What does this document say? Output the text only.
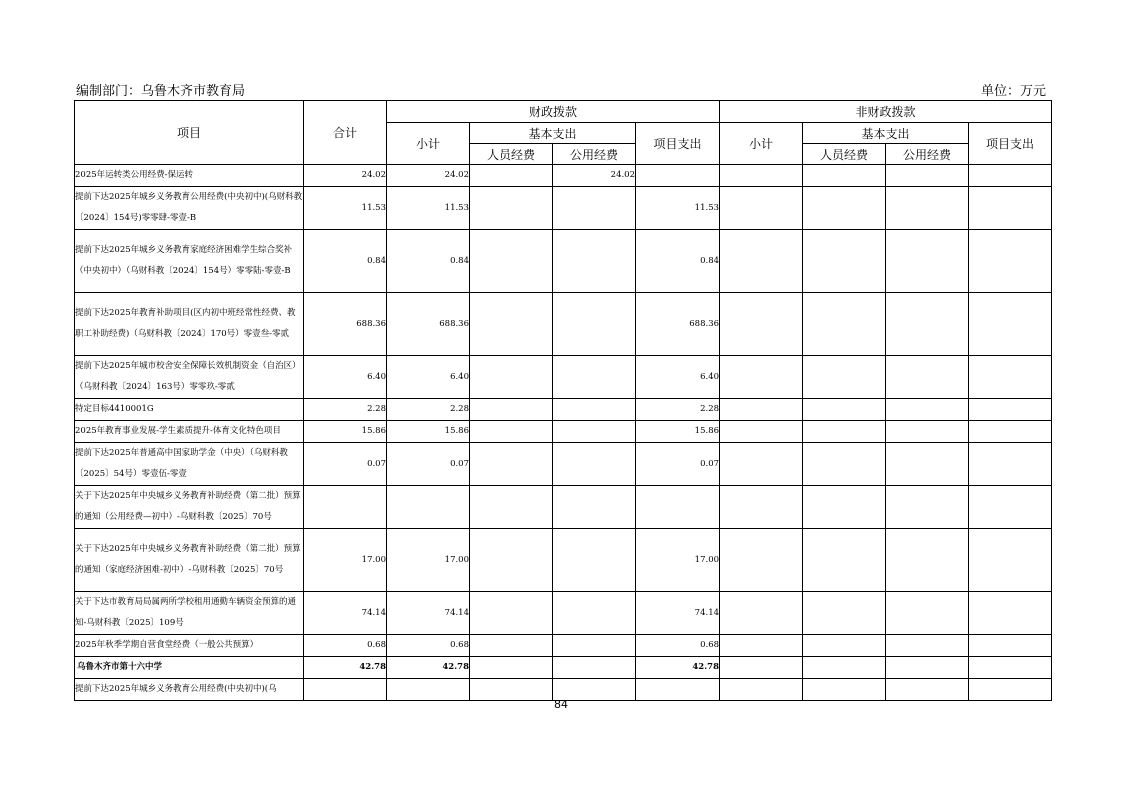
编制部门：乌鲁木齐市教育局	单位：万元
项目	合计	财政拨款				非财政拨款			
		小计	基本支出		项目支出	小计	基本支出		项目支出
			人员经费	公用经费			人员经费	公用经费	
2025年运转类公用经费-保运转	24.02	24.02		24.02					
提前下达2025年城乡义务教育公用经费(中央初中)(乌财科教〔2024〕154号)零零肆-零壹-B	11.53	11.53			11.53				
提前下达2025年城乡义务教育家庭经济困难学生综合奖补（中央初中）（乌财科教〔2024〕154号）零零陆-零壹-B	0.84	0.84			0.84				
提前下达2025年教育补助项目(区内初中班经常性经费、教职工补助经费)（乌财科教〔2024〕170号）零壹叁-零贰	688.36	688.36			688.36				
提前下达2025年城市校舍安全保障长效机制资金（自治区）（乌财科教〔2024〕163号）零零玖-零贰	6.40	6.40			6.40				
特定目标4410001G	2.28	2.28			2.28				
2025年教育事业发展-学生素质提升-体育文化特色项目	15.86	15.86			15.86				
提前下达2025年普通高中国家助学金（中央）（乌财科教〔2025〕54号）零壹伍-零壹	0.07	0.07			0.07				
关于下达2025年中央城乡义务教育补助经费（第二批）预算的通知（公用经费—初中）-乌财科教〔2025〕70号									
关于下达2025年中央城乡义务教育补助经费（第二批）预算的通知（家庭经济困难-初中）-乌财科教〔2025〕70号	17.00	17.00			17.00				
关于下达市教育局局属两所学校租用通勤车辆资金预算的通知-乌财科教〔2025〕109号	74.14	74.14			74.14				
2025年秋季学期自营食堂经费（一般公共预算）	0.68	0.68			0.68				
乌鲁木齐市第十六中学	42.78	42.78			42.78				
提前下达2025年城乡义务教育公用经费(中央初中)(乌									
84
